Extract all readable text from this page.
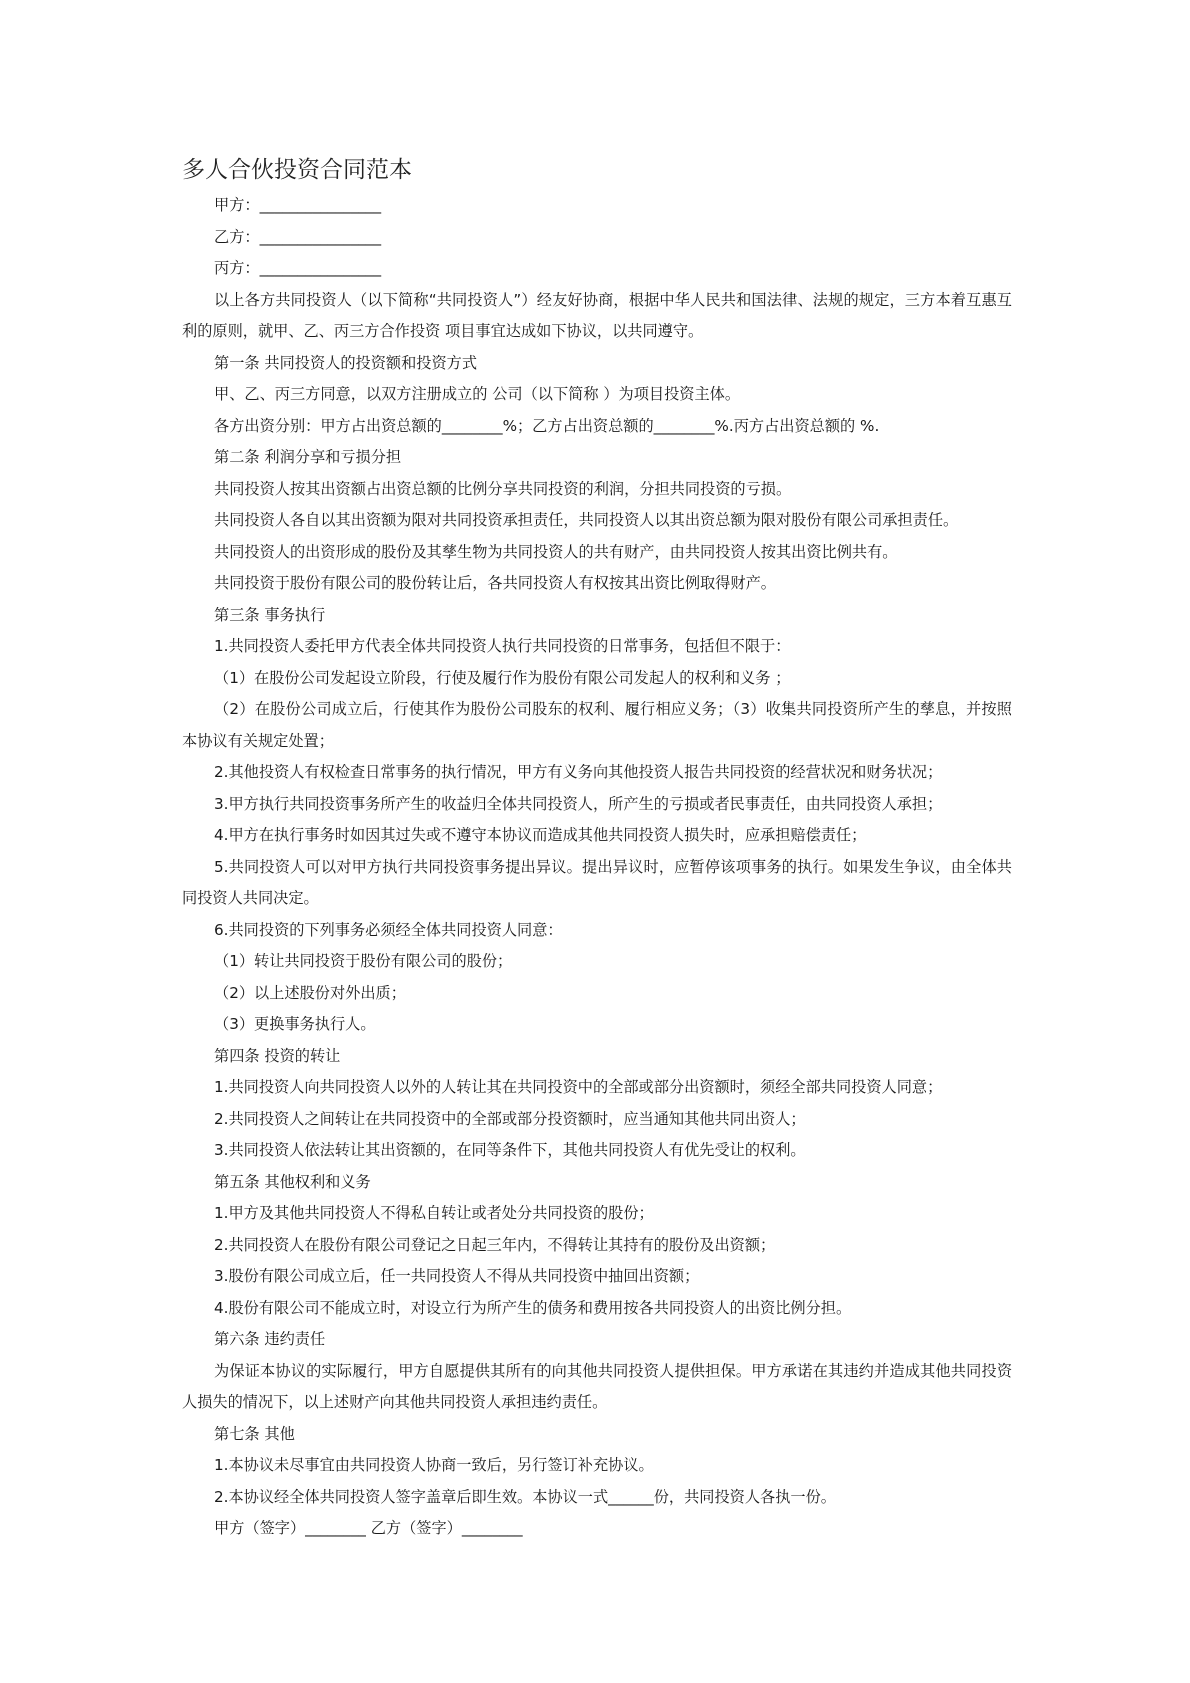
多人合伙投资合同范本

甲方：________________

乙方：________________

丙方：________________

以上各方共同投资人（以下简称“共同投资人”）经友好协商，根据中华人民共和国法律、法规的规定，三方本着互惠互利的原则，就甲、乙、丙三方合作投资 项目事宜达成如下协议，以共同遵守。

第一条 共同投资人的投资额和投资方式

甲、乙、丙三方同意，以双方注册成立的 公司（以下简称 ）为项目投资主体。

各方出资分别：甲方占出资总额的________%；乙方占出资总额的________%.丙方占出资总额的 %.

第二条 利润分享和亏损分担

共同投资人按其出资额占出资总额的比例分享共同投资的利润，分担共同投资的亏损。

共同投资人各自以其出资额为限对共同投资承担责任，共同投资人以其出资总额为限对股份有限公司承担责任。

共同投资人的出资形成的股份及其孳生物为共同投资人的共有财产，由共同投资人按其出资比例共有。

共同投资于股份有限公司的股份转让后，各共同投资人有权按其出资比例取得财产。

第三条 事务执行

1.共同投资人委托甲方代表全体共同投资人执行共同投资的日常事务，包括但不限于：

（1）在股份公司发起设立阶段，行使及履行作为股份有限公司发起人的权利和义务 ；

（2）在股份公司成立后，行使其作为股份公司股东的权利、履行相应义务；（3）收集共同投资所产生的孳息，并按照本协议有关规定处置；

2.其他投资人有权检查日常事务的执行情况，甲方有义务向其他投资人报告共同投资的经营状况和财务状况；

3.甲方执行共同投资事务所产生的收益归全体共同投资人，所产生的亏损或者民事责任，由共同投资人承担；

4.甲方在执行事务时如因其过失或不遵守本协议而造成其他共同投资人损失时，应承担赔偿责任；

5.共同投资人可以对甲方执行共同投资事务提出异议。提出异议时，应暂停该项事务的执行。如果发生争议，由全体共同投资人共同决定。

6.共同投资的下列事务必须经全体共同投资人同意：

（1）转让共同投资于股份有限公司的股份；

（2）以上述股份对外出质；

（3）更换事务执行人。

第四条 投资的转让

1.共同投资人向共同投资人以外的人转让其在共同投资中的全部或部分出资额时，须经全部共同投资人同意；

2.共同投资人之间转让在共同投资中的全部或部分投资额时，应当通知其他共同出资人；

3.共同投资人依法转让其出资额的，在同等条件下，其他共同投资人有优先受让的权利。

第五条 其他权利和义务

1.甲方及其他共同投资人不得私自转让或者处分共同投资的股份；

2.共同投资人在股份有限公司登记之日起三年内，不得转让其持有的股份及出资额；

3.股份有限公司成立后，任一共同投资人不得从共同投资中抽回出资额；

4.股份有限公司不能成立时，对设立行为所产生的债务和费用按各共同投资人的出资比例分担。

第六条 违约责任

为保证本协议的实际履行，甲方自愿提供其所有的向其他共同投资人提供担保。甲方承诺在其违约并造成其他共同投资人损失的情况下，以上述财产向其他共同投资人承担违约责任。

第七条 其他

1.本协议未尽事宜由共同投资人协商一致后，另行签订补充协议。

2.本协议经全体共同投资人签字盖章后即生效。本协议一式______份，共同投资人各执一份。

甲方（签字）________ 乙方（签字）________
